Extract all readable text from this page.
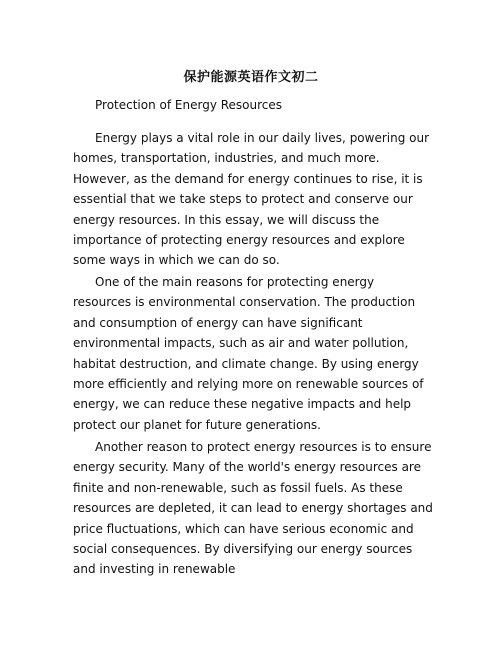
保护能源英语作文初二
Protection of Energy Resources

Energy plays a vital role in our daily lives, powering our homes, transportation, industries, and much more. However, as the demand for energy continues to rise, it is essential that we take steps to protect and conserve our energy resources. In this essay, we will discuss the importance of protecting energy resources and explore some ways in which we can do so.

One of the main reasons for protecting energy resources is environmental conservation. The production and consumption of energy can have significant environmental impacts, such as air and water pollution, habitat destruction, and climate change. By using energy more efficiently and relying more on renewable sources of energy, we can reduce these negative impacts and help protect our planet for future generations.

Another reason to protect energy resources is to ensure energy security. Many of the world's energy resources are finite and non-renewable, such as fossil fuels. As these resources are depleted, it can lead to energy shortages and price fluctuations, which can have serious economic and social consequences. By diversifying our energy sources and investing in renewable
